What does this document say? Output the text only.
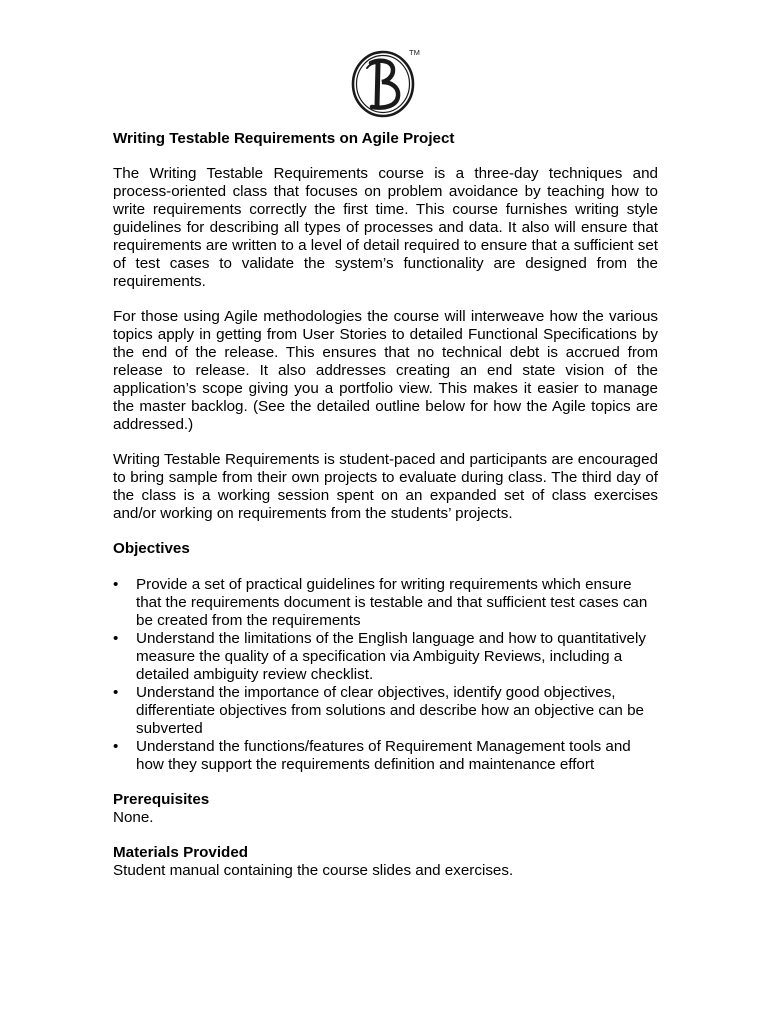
TM
Writing Testable Requirements on Agile Project

The Writing Testable Requirements course is a three-day techniques and process-oriented class that focuses on problem avoidance by teaching how to write requirements correctly the first time. This course furnishes writing style guidelines for describing all types of processes and data. It also will ensure that requirements are written to a level of detail required to ensure that a sufficient set of test cases to validate the system’s functionality are designed from the requirements.

For those using Agile methodologies the course will interweave how the various topics apply in getting from User Stories to detailed Functional Specifications by the end of the release. This ensures that no technical debt is accrued from release to release. It also addresses creating an end state vision of the application’s scope giving you a portfolio view. This makes it easier to manage the master backlog. (See the detailed outline below for how the Agile topics are addressed.)

Writing Testable Requirements is student-paced and participants are encouraged to bring sample from their own projects to evaluate during class. The third day of the class is a working session spent on an expanded set of class exercises and/or working on requirements from the students’ projects.

Objectives
• Provide a set of practical guidelines for writing requirements which ensure that the requirements document is testable and that sufficient test cases can be created from the requirements
• Understand the limitations of the English language and how to quantitatively measure the quality of a specification via Ambiguity Reviews, including a detailed ambiguity review checklist.
• Understand the importance of clear objectives, identify good objectives, differentiate objectives from solutions and describe how an objective can be subverted
• Understand the functions/features of Requirement Management tools and how they support the requirements definition and maintenance effort
Prerequisites

None.

Materials Provided

Student manual containing the course slides and exercises.
